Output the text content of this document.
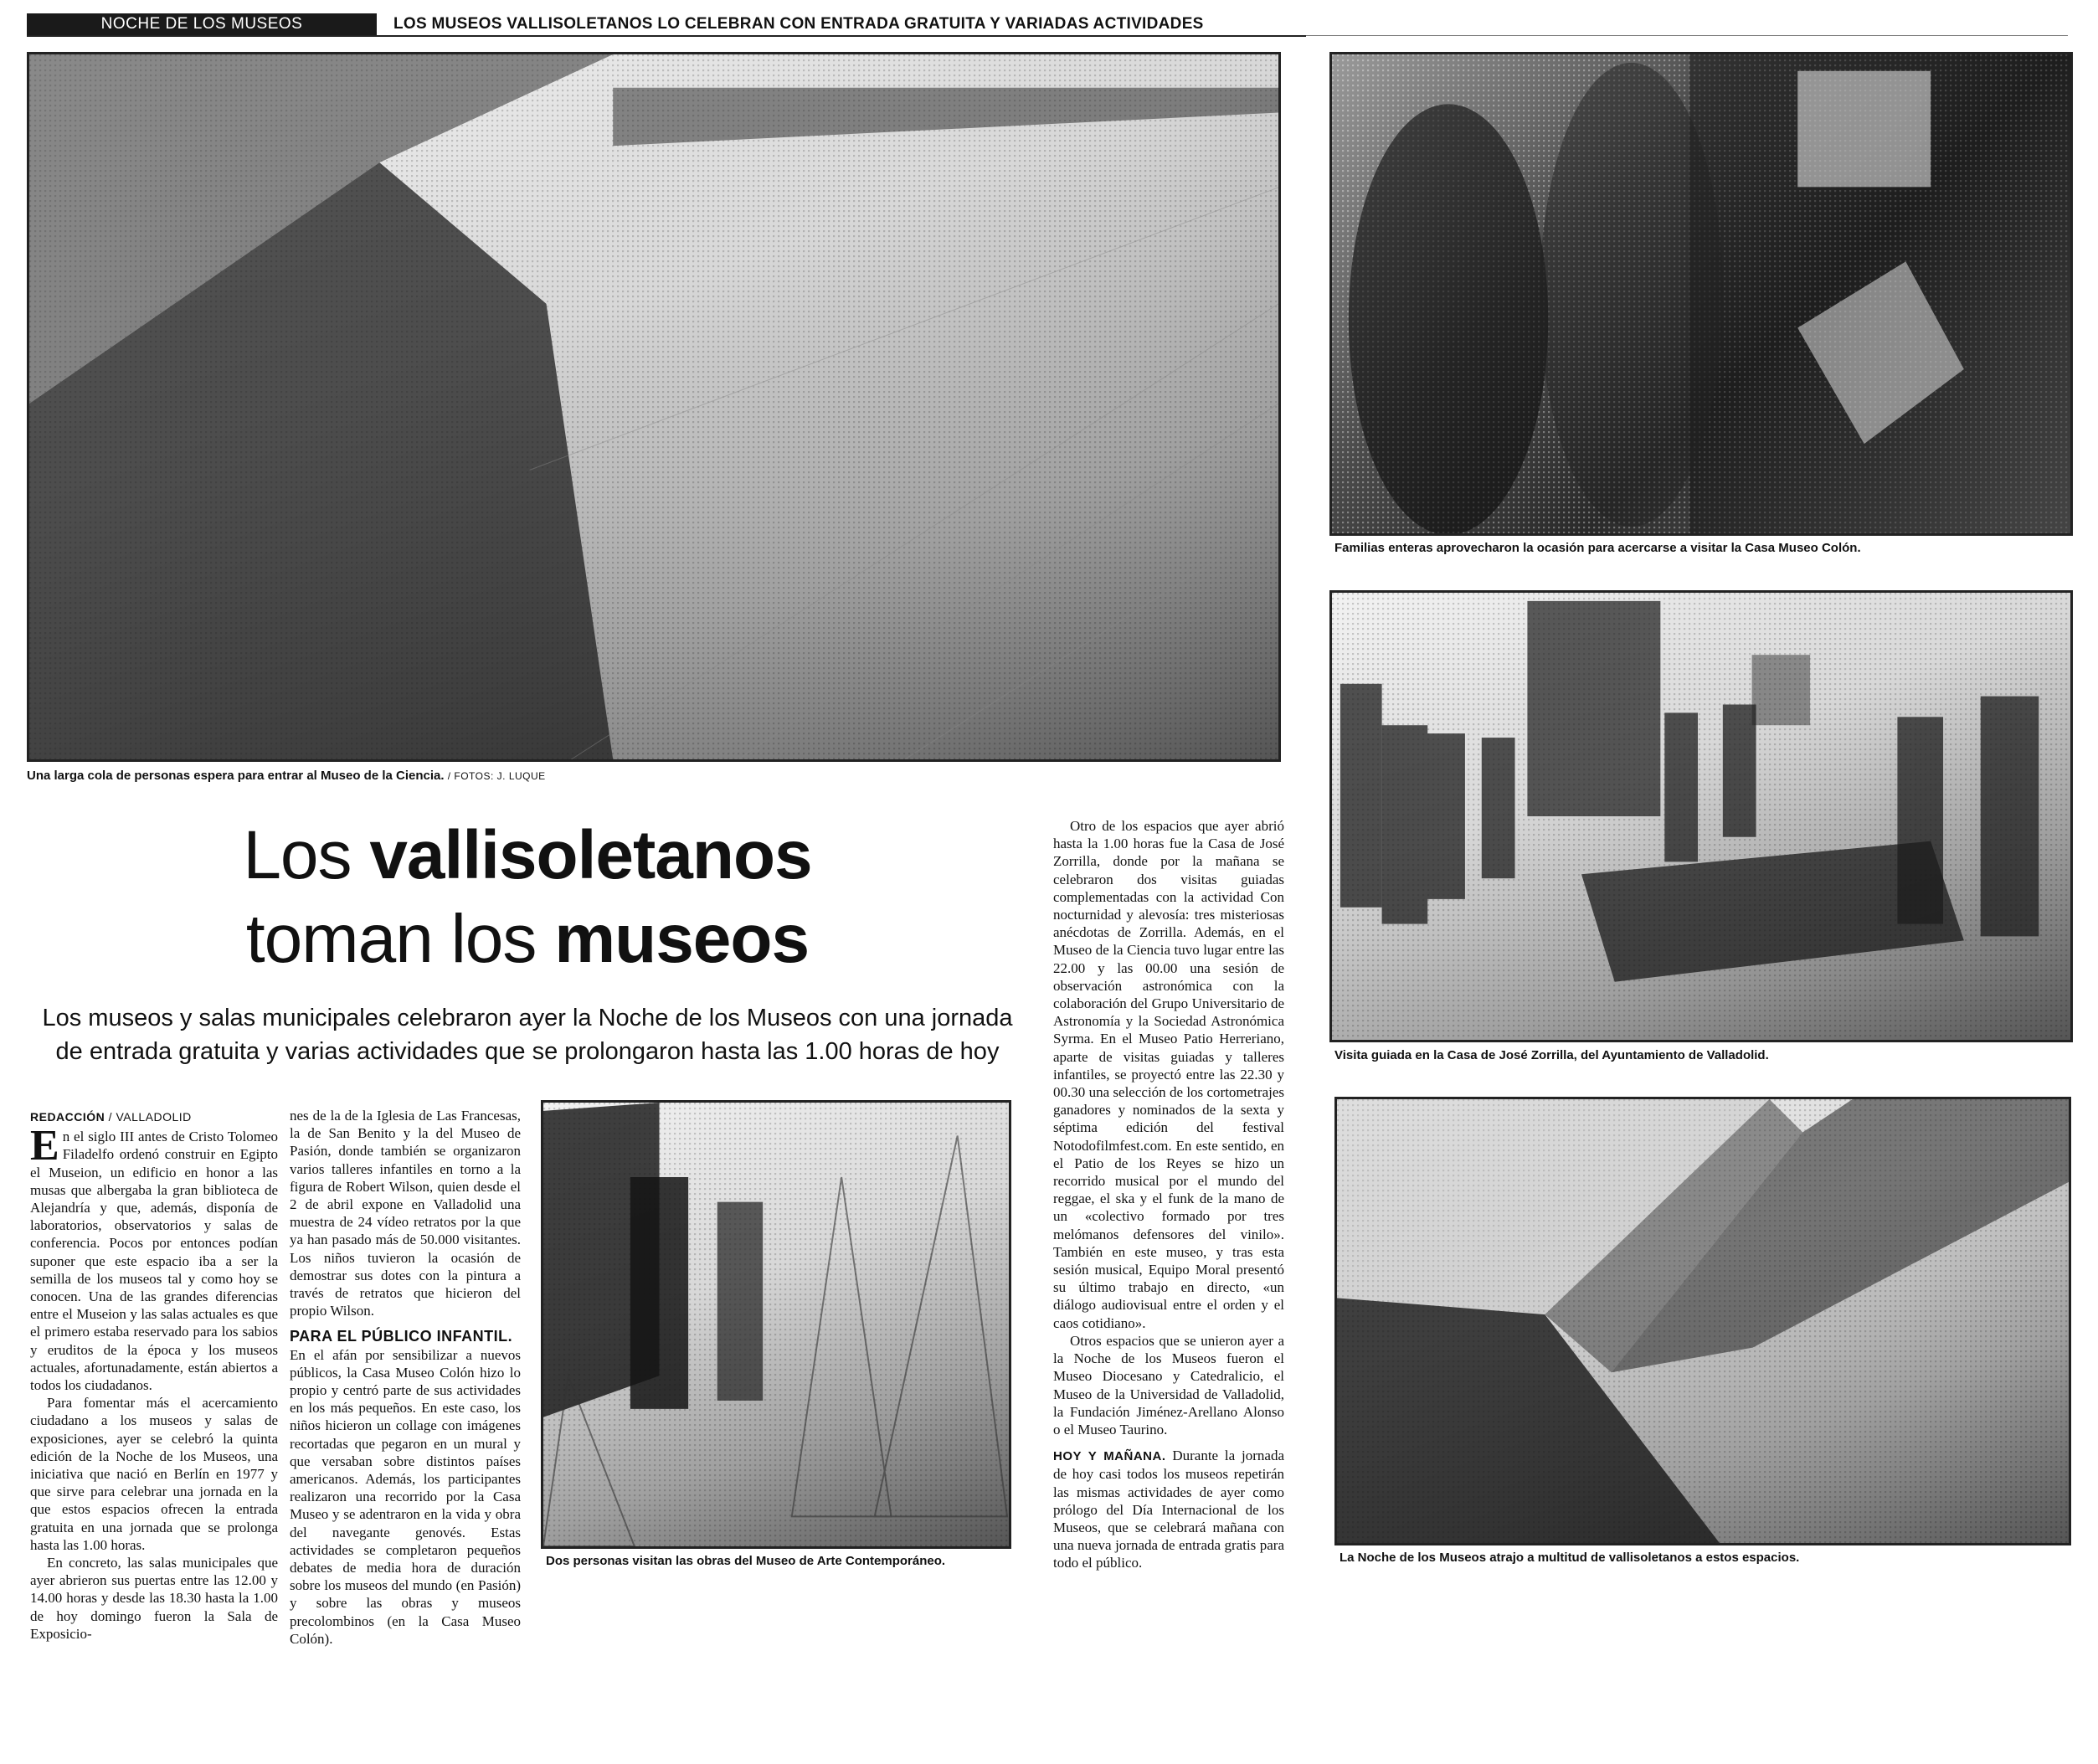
NOCHE DE LOS MUSEOS	LOS MUSEOS VALLISOLETANOS LO CELEBRAN CON ENTRADA GRATUITA Y VARIADAS ACTIVIDADES
Una larga cola de personas espera para entrar al Museo de la Ciencia. / FOTOS: J. LUQUE
Familias enteras aprovecharon la ocasión para acercarse a visitar la Casa Museo Colón.
Visita guiada en la Casa de José Zorrilla, del Ayuntamiento de Valladolid.
La Noche de los Museos atrajo a multitud de vallisoletanos a estos espacios.
Los vallisoletanos
toman los museos
Los museos y salas municipales celebraron ayer la Noche de los Museos con una jornada
de entrada gratuita y varias actividades que se prolongaron hasta las 1.00 horas de hoy
REDACCIÓN / VALLADOLID

En el siglo III antes de Cristo Tolomeo Filadelfo ordenó construir en Egipto el Museion, un edificio en honor a las musas que albergaba la gran biblioteca de Alejandría y que, además, disponía de laboratorios, observatorios y salas de conferencia. Pocos por entonces podían suponer que este espacio iba a ser la semilla de los museos tal y como hoy se conocen. Una de las grandes diferencias entre el Museion y las salas actuales es que el primero estaba reservado para los sabios y eruditos de la época y los museos actuales, afortunadamente, están abiertos a todos los ciudadanos.

Para fomentar más el acercamiento ciudadano a los museos y salas de exposiciones, ayer se celebró la quinta edición de la Noche de los Museos, una iniciativa que nació en Berlín en 1977 y que sirve para celebrar una jornada en la que estos espacios ofrecen la entrada gratuita en una jornada que se prolonga hasta las 1.00 horas.

En concreto, las salas municipales que ayer abrieron sus puertas entre las 12.00 y 14.00 horas y desde las 18.30 hasta la 1.00 de hoy domingo fueron la Sala de Exposicio-

nes de la de la Iglesia de Las Francesas, la de San Benito y la del Museo de Pasión, donde también se organizaron varios talleres infantiles en torno a la figura de Robert Wilson, quien desde el 2 de abril expone en Valladolid una muestra de 24 vídeo retratos por la que ya han pasado más de 50.000 visitantes. Los niños tuvieron la ocasión de demostrar sus dotes con la pintura a través de retratos que hicieron del propio Wilson.

PARA EL PÚBLICO INFANTIL.

En el afán por sensibilizar a nuevos públicos, la Casa Museo Colón hizo lo propio y centró parte de sus actividades en los más pequeños. En este caso, los niños hicieron un collage con imágenes recortadas que pegaron en un mural y que versaban sobre distintos países americanos. Además, los participantes realizaron una recorrido por la Casa Museo y se adentraron en la vida y obra del navegante genovés. Estas actividades se completaron pequeños debates de media hora de duración sobre los museos del mundo (en Pasión) y sobre las obras y museos precolombinos (en la Casa Museo Colón).

Dos personas visitan las obras del Museo de Arte Contemporáneo.

Otro de los espacios que ayer abrió hasta la 1.00 horas fue la Casa de José Zorrilla, donde por la mañana se celebraron dos visitas guiadas complementadas con la actividad Con nocturnidad y alevosía: tres misteriosas anécdotas de Zorrilla. Además, en el Museo de la Ciencia tuvo lugar entre las 22.00 y las 00.00 una sesión de observación astronómica con la colaboración del Grupo Universitario de Astronomía y la Sociedad Astronómica Syrma. En el Museo Patio Herreriano, aparte de visitas guiadas y talleres infantiles, se proyectó entre las 22.30 y 00.30 una selección de los cortometrajes ganadores y nominados de la sexta y séptima edición del festival Notodofilmfest.com. En este sentido, en el Patio de los Reyes se hizo un recorrido musical por el mundo del reggae, el ska y el funk de la mano de un «colectivo formado por tres melómanos defensores del vinilo». También en este museo, y tras esta sesión musical, Equipo Moral presentó su último trabajo en directo, «un diálogo audiovisual entre el orden y el caos cotidiano».

Otros espacios que se unieron ayer a la Noche de los Museos fueron el Museo Diocesano y Catedralicio, el Museo de la Universidad de Valladolid, la Fundación Jiménez-Arellano Alonso o el Museo Taurino.

HOY Y MAÑANA. Durante la jornada de hoy casi todos los museos repetirán las mismas actividades de ayer como prólogo del Día Internacional de los Museos, que se celebrará mañana con una nueva jornada de entrada gratis para todo el público.
